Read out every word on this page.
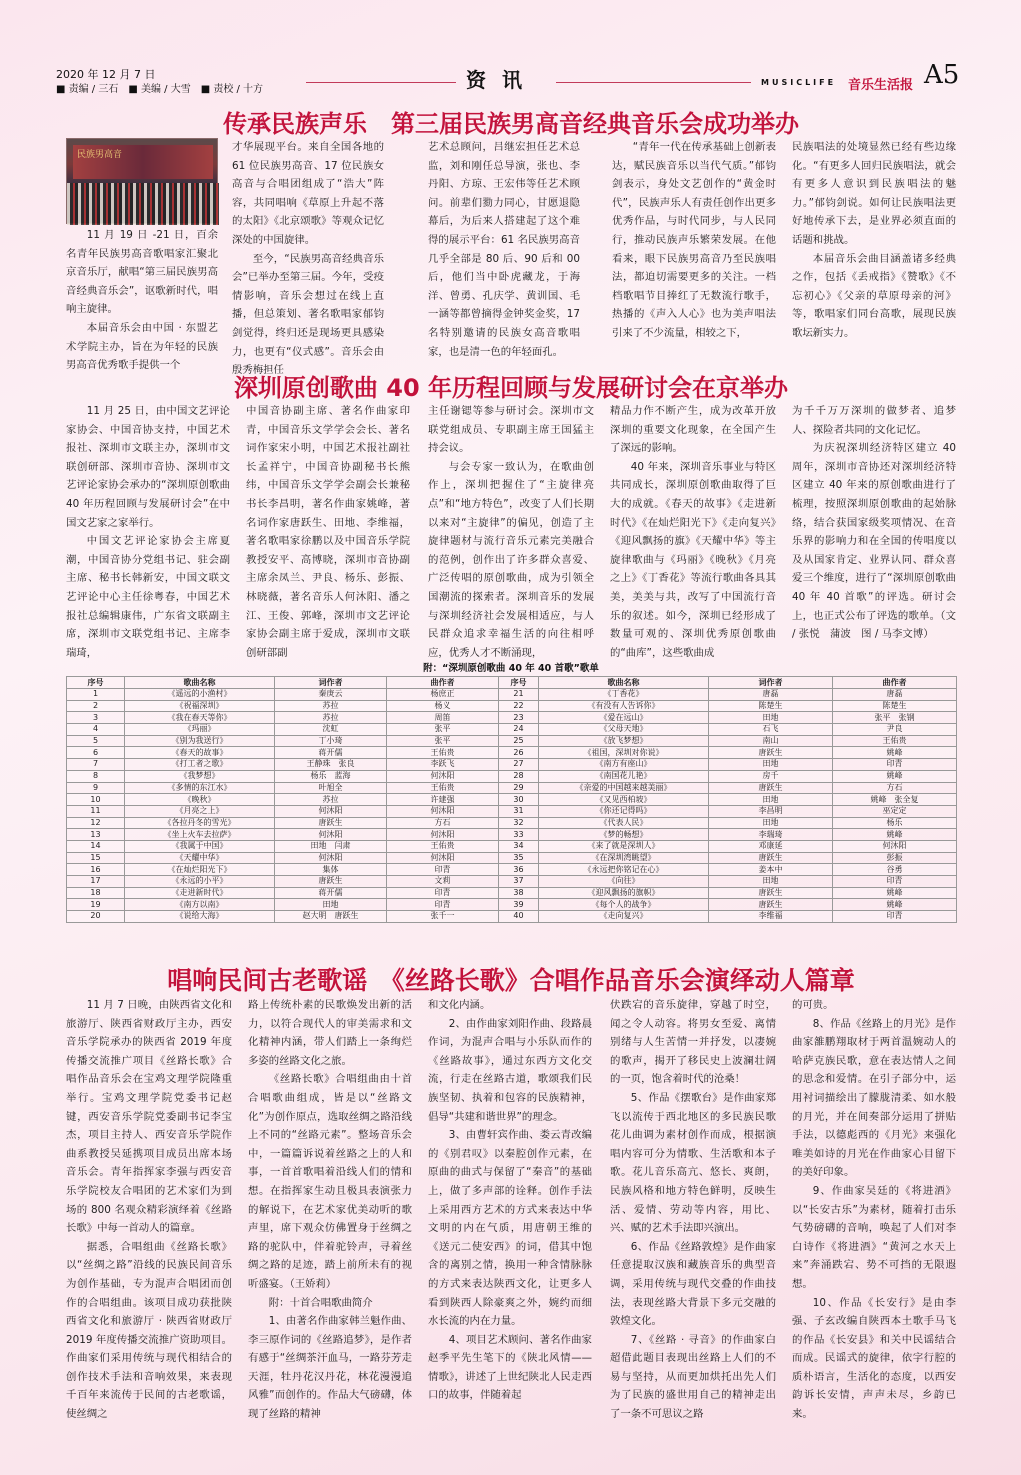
2020 年 12 月 7 日
■ 责编 / 三石　■ 美编 / 大雪　■ 责校 / 十方	资讯	MUSICLIFE 音乐生活报 A5
传承民族声乐　第三届民族男高音经典音乐会成功举办
民族男高音

11 月 19 日 -21 日，百余名青年民族男高音歌唱家汇聚北京音乐厅，献唱“第三届民族男高音经典音乐会”，讴歌新时代，唱响主旋律。

本届音乐会由中国 · 东盟艺术学院主办，旨在为年轻的民族男高音优秀歌手提供一个

才华展现平台。来自全国各地的 61 位民族男高音、17 位民族女高音与合唱团组成了“浩大”阵容，共同唱响《草原上升起不落的太阳》《北京颂歌》等观众记忆深处的中国旋律。

至今，“民族男高音经典音乐会”已举办至第三届。今年，受疫情影响，音乐会想过在线上直播，但总策划、著名歌唱家郁钧剑觉得，终归还是现场更具感染力，也更有“仪式感”。音乐会由殷秀梅担任

艺术总顾问，吕继宏担任艺术总监，刘和刚任总导演，张也、李丹阳、方琼、王宏伟等任艺术顾问。前辈们勠力同心，甘愿退隐幕后，为后来人搭建起了这个难得的展示平台：61 名民族男高音几乎全部是 80 后、90 后和 00 后，他们当中卧虎藏龙，于海洋、曾勇、孔庆学、黄训国、毛一涵等都曾摘得金钟奖金奖，17 名特别邀请的民族女高音歌唱家，也是清一色的年轻面孔。

“青年一代在传承基础上创新表达，赋民族音乐以当代气质。”郁钧剑表示，身处文艺创作的“黄金时代”，民族声乐人有责任创作出更多优秀作品，与时代同步，与人民同行，推动民族声乐繁荣发展。在他看来，眼下民族男高音乃至民族唱法，都迫切需要更多的关注。一档档歌唱节目捧红了无数流行歌手，热播的《声入人心》也为美声唱法引来了不少流量，相较之下，

民族唱法的处境显然已经有些边缘化。“有更多人回归民族唱法，就会有更多人意识到民族唱法的魅力。”郁钧剑说。如何让民族唱法更好地传承下去，是业界必须直面的话题和挑战。

本届音乐会曲目涵盖诸多经典之作，包括《丢戒指》《赞歌》《不忘初心》《父亲的草原母亲的河》等，歌唱家们同台高歌，展现民族歌坛新实力。

深圳原创歌曲 40 年历程回顾与发展研讨会在京举办

11 月 25 日，由中国文艺评论家协会、中国音协支持，中国艺术报社、深圳市文联主办，深圳市文联创研部、深圳市音协、深圳市文艺评论家协会承办的“深圳原创歌曲 40 年历程回顾与发展研讨会”在中国文艺家之家举行。

中国文艺评论家协会主席夏潮，中国音协分党组书记、驻会副主席、秘书长韩新安，中国文联文艺评论中心主任徐粤春，中国艺术报社总编辑康伟，广东省文联副主席，深圳市文联党组书记、主席李瑞琦，

中国音协副主席、著名作曲家印青，中国音乐文学学会会长、著名词作家宋小明，中国艺术报社副社长孟祥宁，中国音协副秘书长熊纬，中国音乐文学学会副会长兼秘书长李昌明，著名作曲家姚峰，著名词作家唐跃生、田地、李维福，著名歌唱家徐鹏以及中国音乐学院教授安平、高博晓，深圳市音协副主席余凤兰、尹良、杨乐、彭振、林晓薇，著名音乐人何沐阳、潘之江、王俊、郭峰，深圳市文艺评论家协会副主席于爱成，深圳市文联创研部副

主任谢锶等参与研讨会。深圳市文联党组成员、专职副主席王国猛主持会议。

与会专家一致认为，在歌曲创作上，深圳把握住了“主旋律亮点”和“地方特色”，改变了人们长期以来对“主旋律”的偏见，创造了主旋律题材与流行音乐元素完美融合的范例，创作出了许多群众喜爱、广泛传唱的原创歌曲，成为引领全国潮流的探索者。深圳音乐的发展与深圳经济社会发展相适应，与人民群众追求幸福生活的向往相呼应，优秀人才不断涌现，

精品力作不断产生，成为改革开放深圳的重要文化现象，在全国产生了深远的影响。

40 年来，深圳音乐事业与特区共同成长，深圳原创歌曲取得了巨大的成就。《春天的故事》《走进新时代》《在灿烂阳光下》《走向复兴》《迎风飘扬的旗》《天耀中华》等主旋律歌曲与《玛丽》《晚秋》《月亮之上》《丁香花》等流行歌曲各具其美，美美与共，改写了中国流行音乐的叙述。如今，深圳已经形成了数量可观的、深圳优秀原创歌曲的“曲库”，这些歌曲成

为千千万万深圳的做梦者、追梦人、探险者共同的文化记忆。

为庆祝深圳经济特区建立 40 周年，深圳市音协还对深圳经济特区建立 40 年来的原创歌曲进行了梳理，按照深圳原创歌曲的起始脉络，结合获国家级奖项情况、在音乐界的影响力和在全国的传唱度以及从国家肯定、业界认同、群众喜爱三个维度，进行了“深圳原创歌曲 40 年 40 首歌”的评选。研讨会上，也正式公布了评选的歌单。（文 / 张悦　蒲波　图 / 马李文博）

附：“深圳原创歌曲 40 年 40 首歌”歌单
序号	歌曲名称	词作者	曲作者	序号	歌曲名称	词作者	曲作者
1	《遥远的小渔村》	秦庚云	杨庶正	21	《丁香花》	唐磊	唐磊
2	《祝福深圳》	苏拉	杨义	22	《有没有人告诉你》	陈楚生	陈楚生
3	《我在春天等你》	苏拉	周笛	23	《爱在远山》	田地	张平　张钢
4	《玛丽》	沈虹	张平	24	《父母天地》	石飞	尹良
5	《别为我送行》	丁小琦	张平	25	《放飞梦想》	南山	王佑贵
6	《春天的故事》	蒋开儒	王佑贵	26	《祖国，深圳对你说》	唐跃生	姚峰
7	《打工者之歌》	王静珠　张良	李跃飞	27	《南方有座山》	田地	印青
8	《我梦想》	杨乐　蓝海	何沐阳	28	《南国花儿艳》	房千	姚峰
9	《多情的东江水》	叶旭全	王佑贵	29	《亲爱的中国越来越美丽》	唐跃生	方石
10	《晚秋》	苏拉	许建强	30	《又见西柏坡》	田地	姚峰　张全复
11	《月亮之上》	何沐阳	何沐阳	31	《你还记得吗》	李昌明	巫定定
12	《各拉丹冬的雪光》	唐跃生	方石	32	《代表人民》	田地	杨乐
13	《坐上火车去拉萨》	何沐阳	何沐阳	33	《梦的畅想》	李瑞琦	姚峰
14	《我属于中国》	田地　闫肃	王佑贵	34	《来了就是深圳人》	邓康延	何沐阳
15	《天耀中华》	何沐阳	何沐阳	35	《在深圳湾眺望》	唐跃生	彭振
16	《在灿烂阳光下》	集体	印青	36	《永远把你铭记在心》	姜本中	谷勇
17	《永远的小平》	唐跃生	文莉	37	《向往》	田地	印青
18	《走进新时代》	蒋开儒	印青	38	《迎风飘扬的旗帜》	唐跃生	姚峰
19	《南方以南》	田地	印青	39	《每个人的战争》	唐跃生	姚峰
20	《说给大海》	赵大明　唐跃生	张千一	40	《走向复兴》	李维福	印青
唱响民间古老歌谣　《丝路长歌》合唱作品音乐会演绎动人篇章

11 月 7 日晚，由陕西省文化和旅游厅、陕西省财政厅主办，西安音乐学院承办的陕西省 2019 年度传播交流推广项目《丝路长歌》合唱作品音乐会在宝鸡文理学院隆重举行。宝鸡文理学院党委书记赵键，西安音乐学院党委副书记李宝杰，项目主持人、西安音乐学院作曲系教授吴延携项目成员出席本场音乐会。青年指挥家李强与西安音乐学院校友合唱团的艺术家们为到场的 800 名观众精彩演绎着《丝路长歌》中每一首动人的篇章。

据悉，合唱组曲《丝路长歌》以“丝绸之路”沿线的民族民间音乐为创作基础，专为混声合唱团而创作的合唱组曲。该项目成功获批陕西省文化和旅游厅 · 陕西省财政厅 2019 年度传播交流推广资助项目。作曲家们采用传统与现代相结合的创作技术手法和音响效果，来表现千百年来流传于民间的古老歌谣，使丝绸之

路上传统朴素的民歌焕发出新的活力，以符合现代人的审美需求和文化精神内涵，带人们踏上一条绚烂多姿的丝路文化之旅。

《丝路长歌》合唱组曲由十首合唱歌曲组成，皆是以“丝路文化”为创作原点，选取丝绸之路沿线上不同的“丝路元素”。整场音乐会中，一篇篇诉说着丝路之上的人和事，一首首歌唱着沿线人们的情和想。在指挥家生动且极具表演张力的解说下，在艺术家优美动听的歌声里，席下观众仿佛置身于丝绸之路的驼队中，伴着驼铃声，寻着丝绸之路的足迹，踏上前所未有的视听盛宴。（王娇莉）

附：十首合唱歌曲简介

1、由著名作曲家韩兰魁作曲、李三原作词的《丝路追梦》，是作者有感于“丝绸茶汗血马，一路芬芳走天涯，牡丹花汉丹花，林花漫漫追风雅”而创作的。作品大气磅礴，体现了丝路的精神

和文化内涵。

2、由作曲家刘阳作曲、段路晨作词，为混声合唱与小乐队而作的《丝路故事》，通过东西方文化交流，行走在丝路古道，歌颂我们民族坚韧、执着和包容的民族精神，倡导“共建和谐世界”的理念。

3、由曹轩宾作曲、娄云青改编的《别君叹》以秦腔创作元素，在原曲的曲式与保留了“秦音”的基础上，做了多声部的诠释。创作手法上采用西方艺术的方式来表达中华文明的内在气质，用唐朝王维的《送元二使安西》的词，借其中饱含的离别之情，换用一种含情脉脉的方式来表达陕西文化，让更多人看到陕西人除豪爽之外，婉约而细水长流的内在力量。

4、项目艺术顾问、著名作曲家赵季平先生笔下的《陕北风情——情歌》，讲述了上世纪陕北人民走西口的故事，伴随着起

伏跌宕的音乐旋律，穿越了时空，闻之令人动容。将男女至爱、离情别绪与人生苦情一并抒发，以凄婉的歌声，揭开了移民史上波澜壮阔的一页，饱含着时代的沧桑！

5、作品《摆歌台》是作曲家郑飞以流传于西北地区的多民族民歌花儿曲调为素材创作而成，根据演唱内容可分为情歌、生活歌和本子歌。花儿音乐高亢、悠长、爽朗，民族风格和地方特色鲜明，反映生活、爱情、劳动等内容，用比、兴、赋的艺术手法即兴演出。

6、作品《丝路敦煌》是作曲家任意提取汉族和藏族音乐的典型音调，采用传统与现代交叠的作曲技法，表现丝路大背景下多元交融的敦煌文化。

7、《丝路 · 寻音》的作曲家白超借此题目表现出丝路上人们的不易与坚持，从而更加烘托出先人们为了民族的盛世用自己的精神走出了一条不可思议之路

的可贵。

8、作品《丝路上的月光》是作曲家雒鹏翔取材于两首温婉动人的哈萨克族民歌，意在表达情人之间的思念和爱情。在引子部分中，运用衬词描绘出了朦胧清柔、如水般的月光，并在间奏部分运用了拼贴手法，以德彪西的《月光》来强化唯美如诗的月光在作曲家心目留下的美好印象。

9、作曲家吴廷的《将进酒》以“长安古乐”为素材，随着打击乐气势磅礴的音响，唤起了人们对李白诗作《将进酒》“黄河之水天上来”奔涌跌宕、势不可挡的无限遐想。

10、作品《长安行》是由李强、子玄改编自陕西本土歌手马飞的作品《长安县》和关中民谣结合而成。民谣式的旋律，依字行腔的质朴语言，生活化的态度，以西安韵诉长安情，声声未尽，乡韵已来。
